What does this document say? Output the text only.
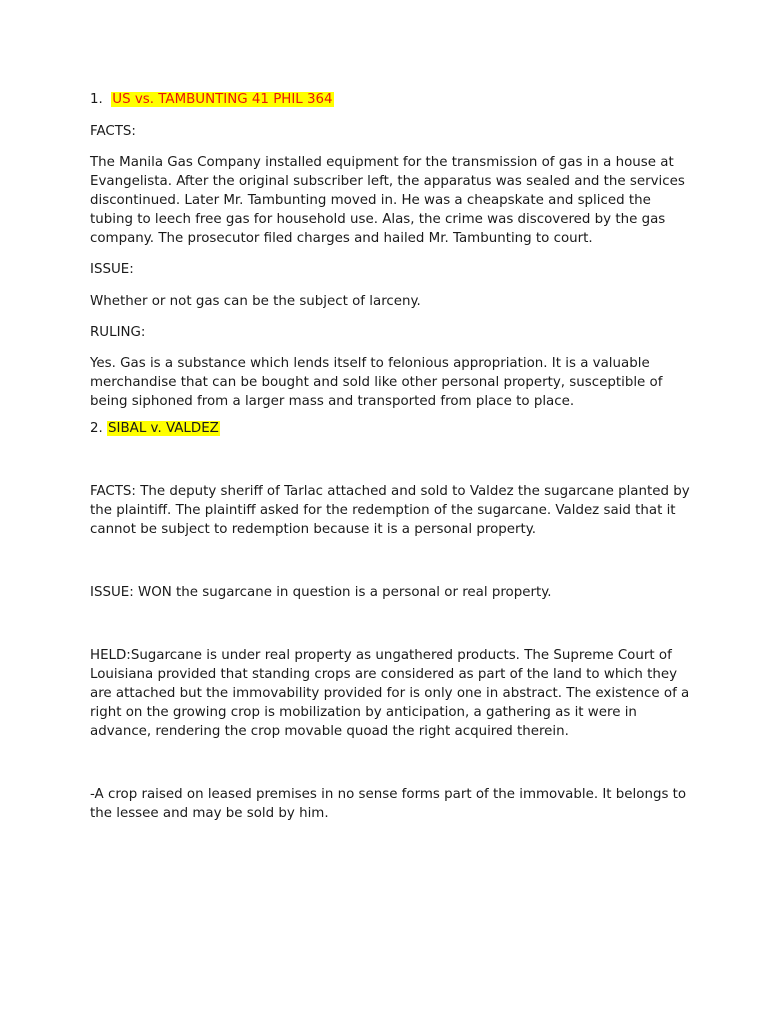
1. US vs. TAMBUNTING 41 PHIL 364

FACTS:

The Manila Gas Company installed equipment for the transmission of gas in a house at Evangelista. After the original subscriber left, the apparatus was sealed and the services discontinued. Later Mr. Tambunting moved in. He was a cheapskate and spliced the tubing to leech free gas for household use. Alas, the crime was discovered by the gas company. The prosecutor filed charges and hailed Mr. Tambunting to court.

ISSUE:

Whether or not gas can be the subject of larceny.

RULING:

Yes. Gas is a substance which lends itself to felonious appropriation. It is a valuable merchandise that can be bought and sold like other personal property, susceptible of being siphoned from a larger mass and transported from place to place.

2. SIBAL v. VALDEZ

FACTS: The deputy sheriff of Tarlac attached and sold to Valdez the sugarcane planted by the plaintiff. The plaintiff asked for the redemption of the sugarcane. Valdez said that it cannot be subject to redemption because it is a personal property.

ISSUE: WON the sugarcane in question is a personal or real property.

HELD:Sugarcane is under real property as ungathered products. The Supreme Court of Louisiana provided that standing crops are considered as part of the land to which they are attached but the immovability provided for is only one in abstract. The existence of a right on the growing crop is mobilization by anticipation, a gathering as it were in advance, rendering the crop movable quoad the right acquired therein.

-A crop raised on leased premises in no sense forms part of the immovable. It belongs to the lessee and may be sold by him.
